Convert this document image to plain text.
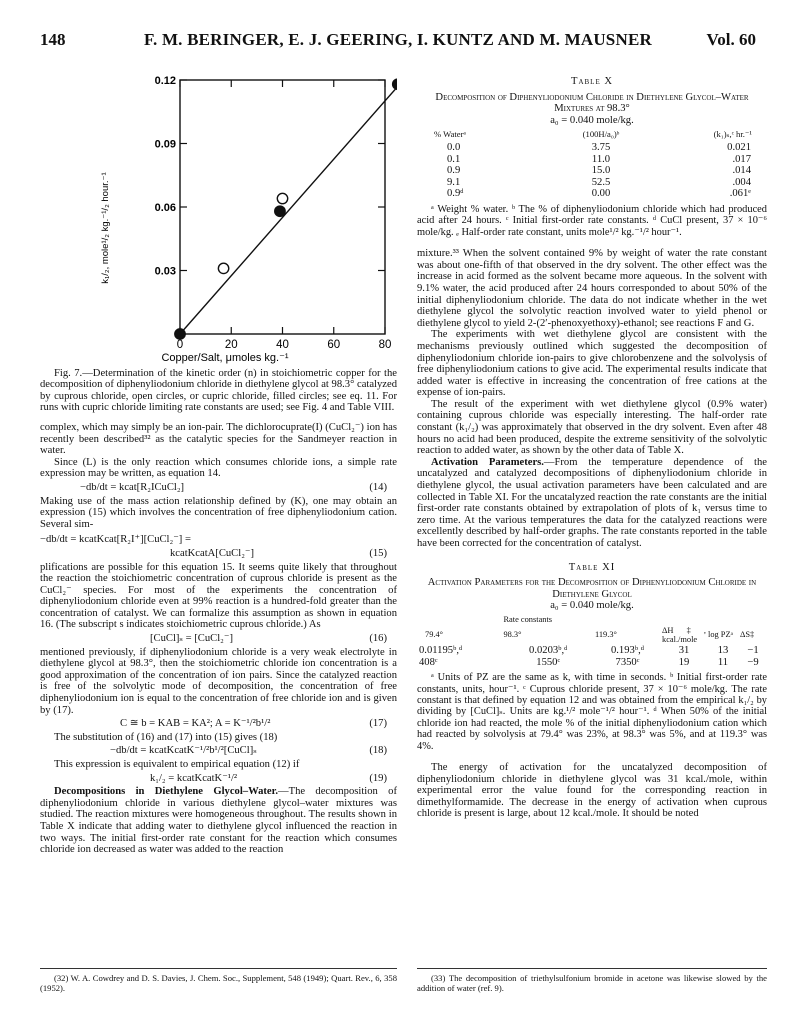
148	F. M. BERINGER, E. J. GEERING, I. KUNTZ AND M. MAUSNER	Vol. 60
0	20	40	60	80
0.03
0.06
0.09
0.12
k₁/₂, mole¹/₂ kg.⁻¹/₂ hour.⁻¹
Copper/Salt, μmoles kg.⁻¹

Fig. 7.—Determination of the kinetic order (n) in stoichiometric copper for the decomposition of diphenyliodonium chloride in diethylene glycol at 98.3° catalyzed by cuprous chloride, open circles, or cupric chloride, filled circles; see eq. 11. For runs with cupric chloride limiting rate constants are used; see Fig. 4 and Table VIII.

complex, which may simply be an ion-pair. The dichlorocuprate(I) (CuCl₂⁻) ion has recently been described³² as the catalytic species for the Sandmeyer reaction in water.

Since (L) is the only reaction which consumes chloride ions, a simple rate expression may be written, as equation 14.

−db/dt = kcat[R₂ICuCl₂]	(14)

Making use of the mass action relationship defined by (K), one may obtain an expression (15) which involves the concentration of free diphenyliodonium cation. Several sim-

−db/dt = kcatKcat[R₂I⁺][CuCl₂⁻] =
kcatKcatA[CuCl₂⁻]	(15)

plifications are possible for this equation 15. It seems quite likely that throughout the reaction the stoichiometric concentration of cuprous chloride is present as the CuCl₂⁻ species. For most of the experiments the concentration of diphenyliodonium chloride even at 99% reaction is a hundred-fold greater than the concentration of catalyst. We can formalize this assumption as shown in equation 16. (The subscript s indicates stoichiometric cuprous chloride.) As

[CuCl]ₛ = [CuCl₂⁻]	(16)

mentioned previously, if diphenyliodonium chloride is a very weak electrolyte in diethylene glycol at 98.3°, then the stoichiometric chloride ion concentration is a good approximation of the concentration of ion pairs. Since the catalyzed reaction is free of the solvolytic mode of decomposition, the concentration of free diphenyliodonium ion is equal to the concentration of free chloride ion and is given by (17).

C ≅ b = KAB = KA²; A = K⁻¹/²b¹/²	(17)

The substitution of (16) and (17) into (15) gives (18)

−db/dt = kcatKcatK⁻¹/²b¹/²[CuCl]ₛ	(18)

This expression is equivalent to empirical equation (12) if

k₁/₂ = kcatKcatK⁻¹/²	(19)

Decompositions in Diethylene Glycol–Water.—The decomposition of diphenyliodonium chloride in various diethylene glycol–water mixtures was studied. The reaction mixtures were homogeneous throughout. The results shown in Table X indicate that adding water to diethylene glycol influenced the reaction in two ways. The initial first-order rate constant for the reaction which consumes chloride ion decreased as water was added to the reaction

(32) W. A. Cowdrey and D. S. Davies, J. Chem. Soc., Supplement, 548 (1949); Quart. Rev., 6, 358 (1952).

Table X
Decomposition of Diphenyliodonium Chloride in Diethylene Glycol–Water Mixtures at 98.3°
a₀ = 0.040 mole/kg.
% Waterᵃ	(100H/a₀)ᵇ	(k₁)ₛ,ᶜ hr.⁻¹
0.0	3.75	0.021
0.1	11.0	.017
0.9	15.0	.014
9.1	52.5	.004
0.9ᵈ	0.00	.061ᵉ

ᵃ Weight % water. ᵇ The % of diphenyliodonium chloride which had produced acid after 24 hours. ᶜ Initial first-order rate constants. ᵈ CuCl present, 37 × 10⁻⁶ mole/kg. ₑ Half-order rate constant, units mole¹/² kg.⁻¹/² hour⁻¹.

mixture.³³ When the solvent contained 9% by weight of water the rate constant was about one-fifth of that observed in the dry solvent. The other effect was the increase in acid formed as the solvent became more aqueous. In the solvent with 9.1% water, the acid produced after 24 hours corresponded to about 50% of the initial diphenyliodonium chloride. The data do not indicate whether in the wet diethylene glycol the solvolytic reaction involved water to yield phenol or diethylene glycol to yield 2-(2′-phenoxyethoxy)-ethanol; see reactions F and G.

The experiments with wet diethylene glycol are consistent with the mechanisms previously outlined which suggested the decomposition of diphenyliodonium chloride ion-pairs to give chlorobenzene and the solvolysis of free diphenyliodonium cations to give acid. The experimental results indicate that added water is effective in increasing the concentration of free cations at the expense of ion-pairs.

The result of the experiment with wet diethylene glycol (0.9% water) containing cuprous chloride was especially interesting. The half-order rate constant (k₁/₂) was approximately that observed in the dry solvent. Even after 48 hours no acid had been produced, despite the extreme sensitivity of the solvolytic reaction to added water, as shown by the other data of Table X.

Activation Parameters.—From the temperature dependence of the uncatalyzed and catalyzed decompositions of diphenyliodonium chloride in diethylene glycol, the usual activation parameters have been calculated and are collected in Table XI. For the uncatalyzed reaction the rate constants are the initial first-order rate constants obtained by extrapolation of plots of k₁ versus time to zero time. At the various temperatures the data for the catalyzed reactions were excellently described by half-order graphs. The rate constants reported in the table have been corrected for the concentration of catalyst.

Table XI
Activation Parameters for the Decomposition of Diphenyliodonium Chloride in Diethylene Glycol
a₀ = 0.040 mole/kg.
	Rate constants				
79.4°	98.3°	119.3°	ΔH‡, kcal./mole	log PZᵃ	ΔS‡
0.01195ᵇ,ᵈ	0.0203ᵇ,ᵈ	0.193ᵇ,ᵈ	31	13	−1
408ᶜ	1550ᶜ	7350ᶜ	19	11	−9

ᵃ Units of PZ are the same as k, with time in seconds. ᵇ Initial first-order rate constants, units, hour⁻¹. ᶜ Cuprous chloride present, 37 × 10⁻⁶ mole/kg. The rate constant is that defined by equation 12 and was obtained from the empirical k₁/₂ by dividing by [CuCl]ₛ. Units are kg.¹/² mole⁻¹/² hour⁻¹. ᵈ When 50% of the initial chloride ion had reacted, the mole % of the initial diphenyliodonium cation which had reacted by solvolysis at 79.4° was 23%, at 98.3° was 5%, and at 119.3° was 4%.

The energy of activation for the uncatalyzed decomposition of diphenyliodonium chloride in diethylene glycol was 31 kcal./mole, within experimental error the value found for the corresponding reaction in dimethylformamide. The decrease in the energy of activation when cuprous chloride is present is large, about 12 kcal./mole. It should be noted

(33) The decomposition of triethylsulfonium bromide in acetone was likewise slowed by the addition of water (ref. 9).
